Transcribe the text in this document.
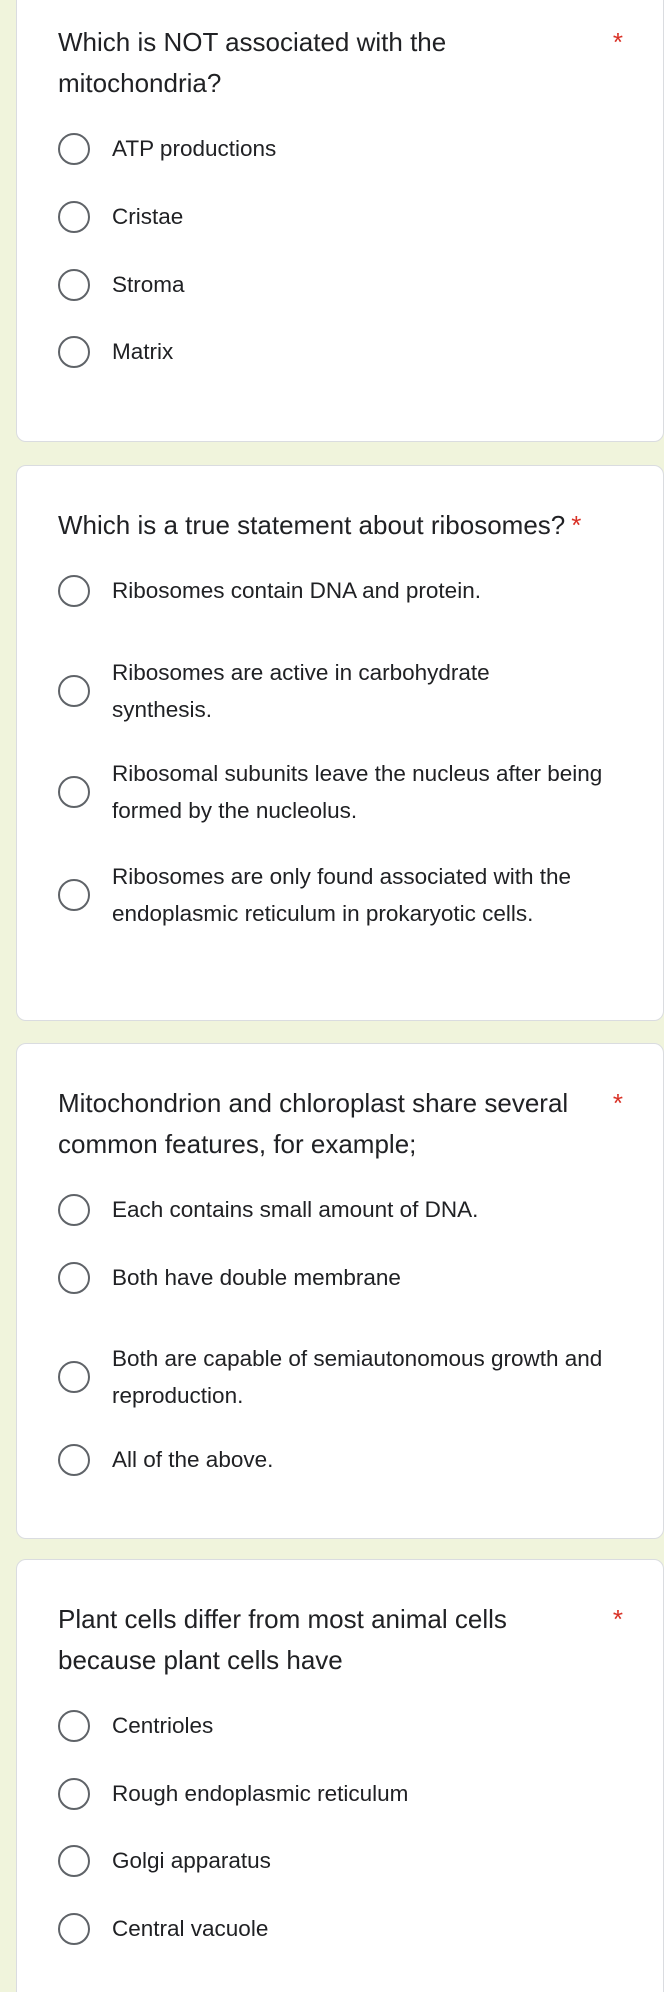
Which is NOT associated with the mitochondria?
*
ATP productions
Cristae
Stroma
Matrix
Which is a true statement about ribosomes? *
Ribosomes contain DNA and protein.
Ribosomes are active in carbohydrate synthesis.
Ribosomal subunits leave the nucleus after being formed by the nucleolus.
Ribosomes are only found associated with the endoplasmic reticulum in prokaryotic cells.
Mitochondrion and chloroplast share several common features, for example;
*
Each contains small amount of DNA.
Both have double membrane
Both are capable of semiautonomous growth and reproduction.
All of the above.
Plant cells differ from most animal cells because plant cells have
*
Centrioles
Rough endoplasmic reticulum
Golgi apparatus
Central vacuole
